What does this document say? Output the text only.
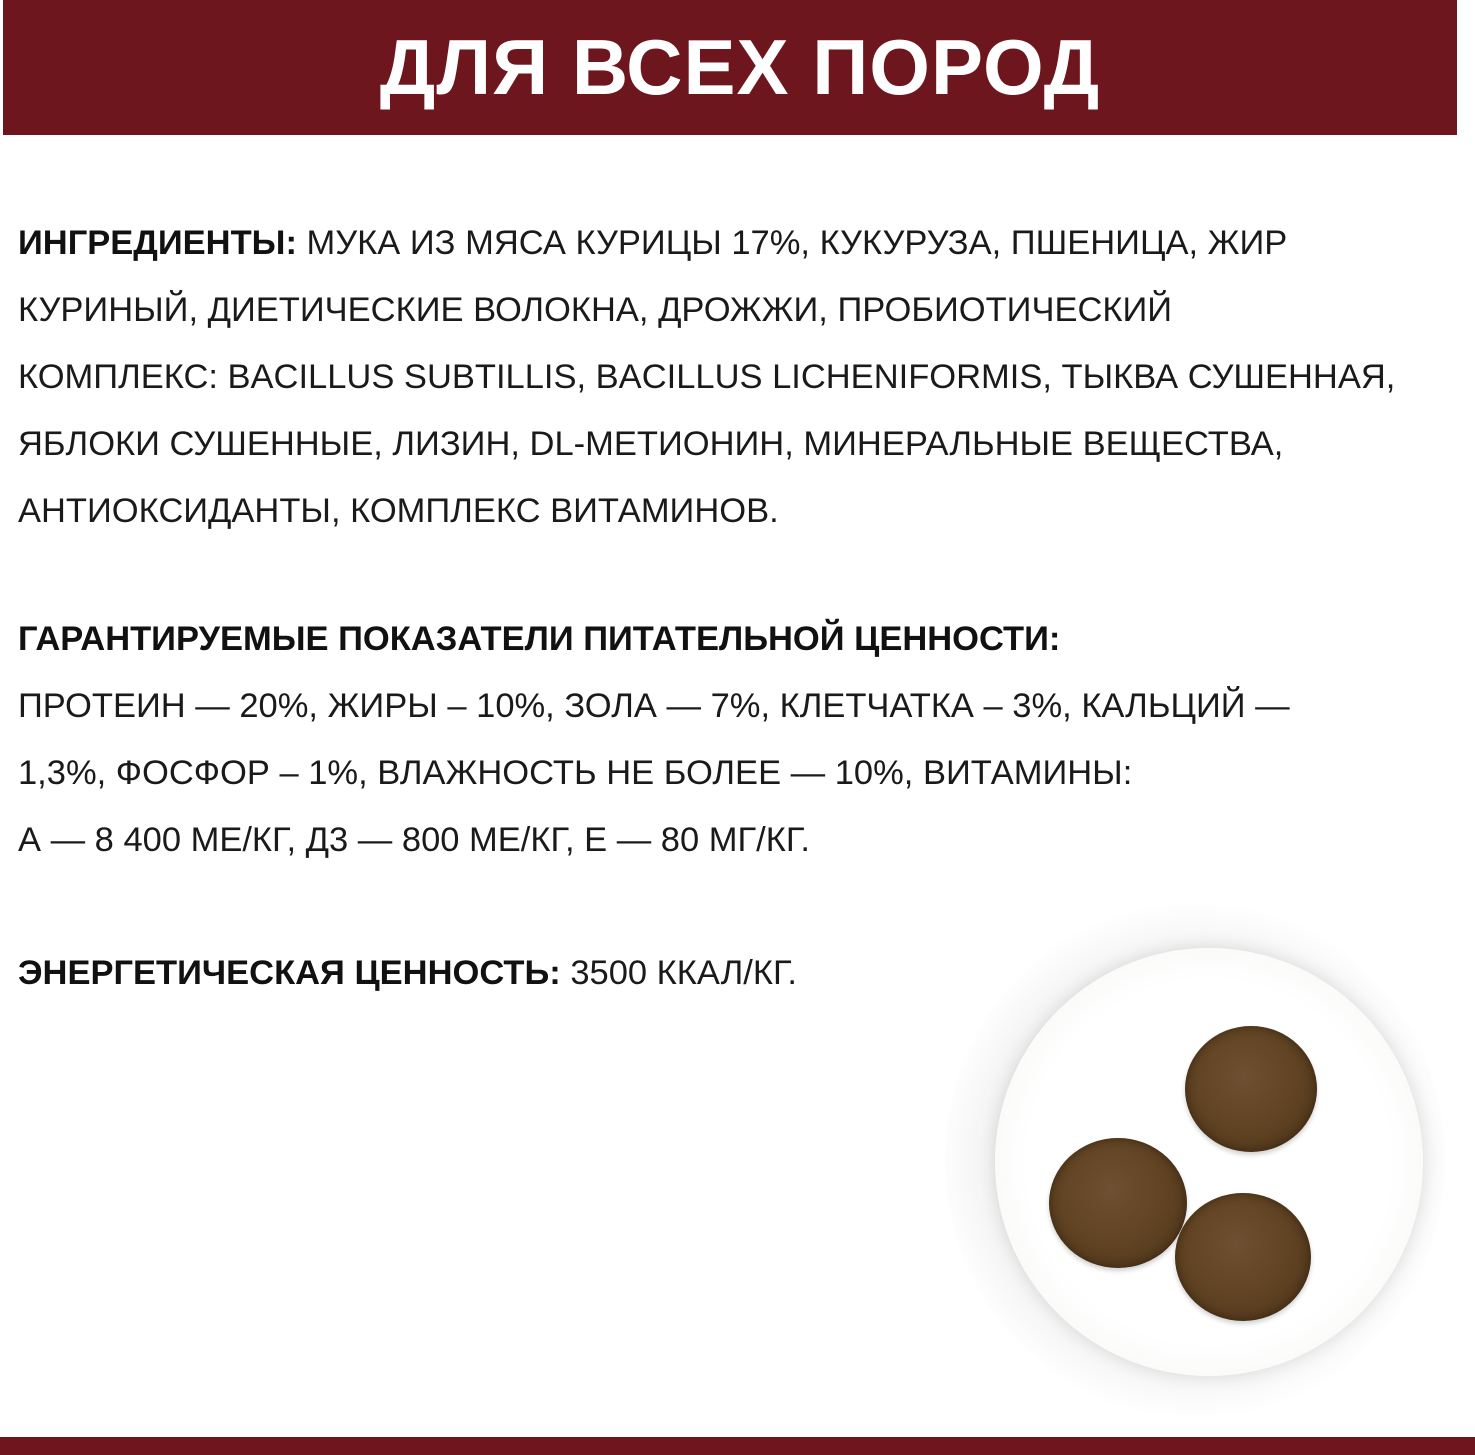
ДЛЯ ВСЕХ ПОРОД

ИНГРЕДИЕНТЫ: МУКА ИЗ МЯСА КУРИЦЫ 17%, КУКУРУЗА, ПШЕНИЦА, ЖИР

КУРИНЫЙ, ДИЕТИЧЕСКИЕ ВОЛОКНА, ДРОЖЖИ, ПРОБИОТИЧЕСКИЙ

КОМПЛЕКС: BACILLUS SUBTILLIS, BACILLUS LICHENIFORMIS, ТЫКВА СУШЕННАЯ,

ЯБЛОКИ СУШЕННЫЕ, ЛИЗИН, DL-МЕТИОНИН, МИНЕРАЛЬНЫЕ ВЕЩЕСТВА,

АНТИОКСИДАНТЫ, КОМПЛЕКС ВИТАМИНОВ.

ГАРАНТИРУЕМЫЕ ПОКАЗАТЕЛИ ПИТАТЕЛЬНОЙ ЦЕННОСТИ:

ПРОТЕИН — 20%, ЖИРЫ – 10%, ЗОЛА — 7%, КЛЕТЧАТКА – 3%, КАЛЬЦИЙ —

1,3%, ФОСФОР – 1%, ВЛАЖНОСТЬ НЕ БОЛЕЕ — 10%, ВИТАМИНЫ:

А — 8 400 МЕ/КГ, Д3 — 800 МЕ/КГ, Е — 80 МГ/КГ.

ЭНЕРГЕТИЧЕСКАЯ ЦЕННОСТЬ: 3500 ККАЛ/КГ.
